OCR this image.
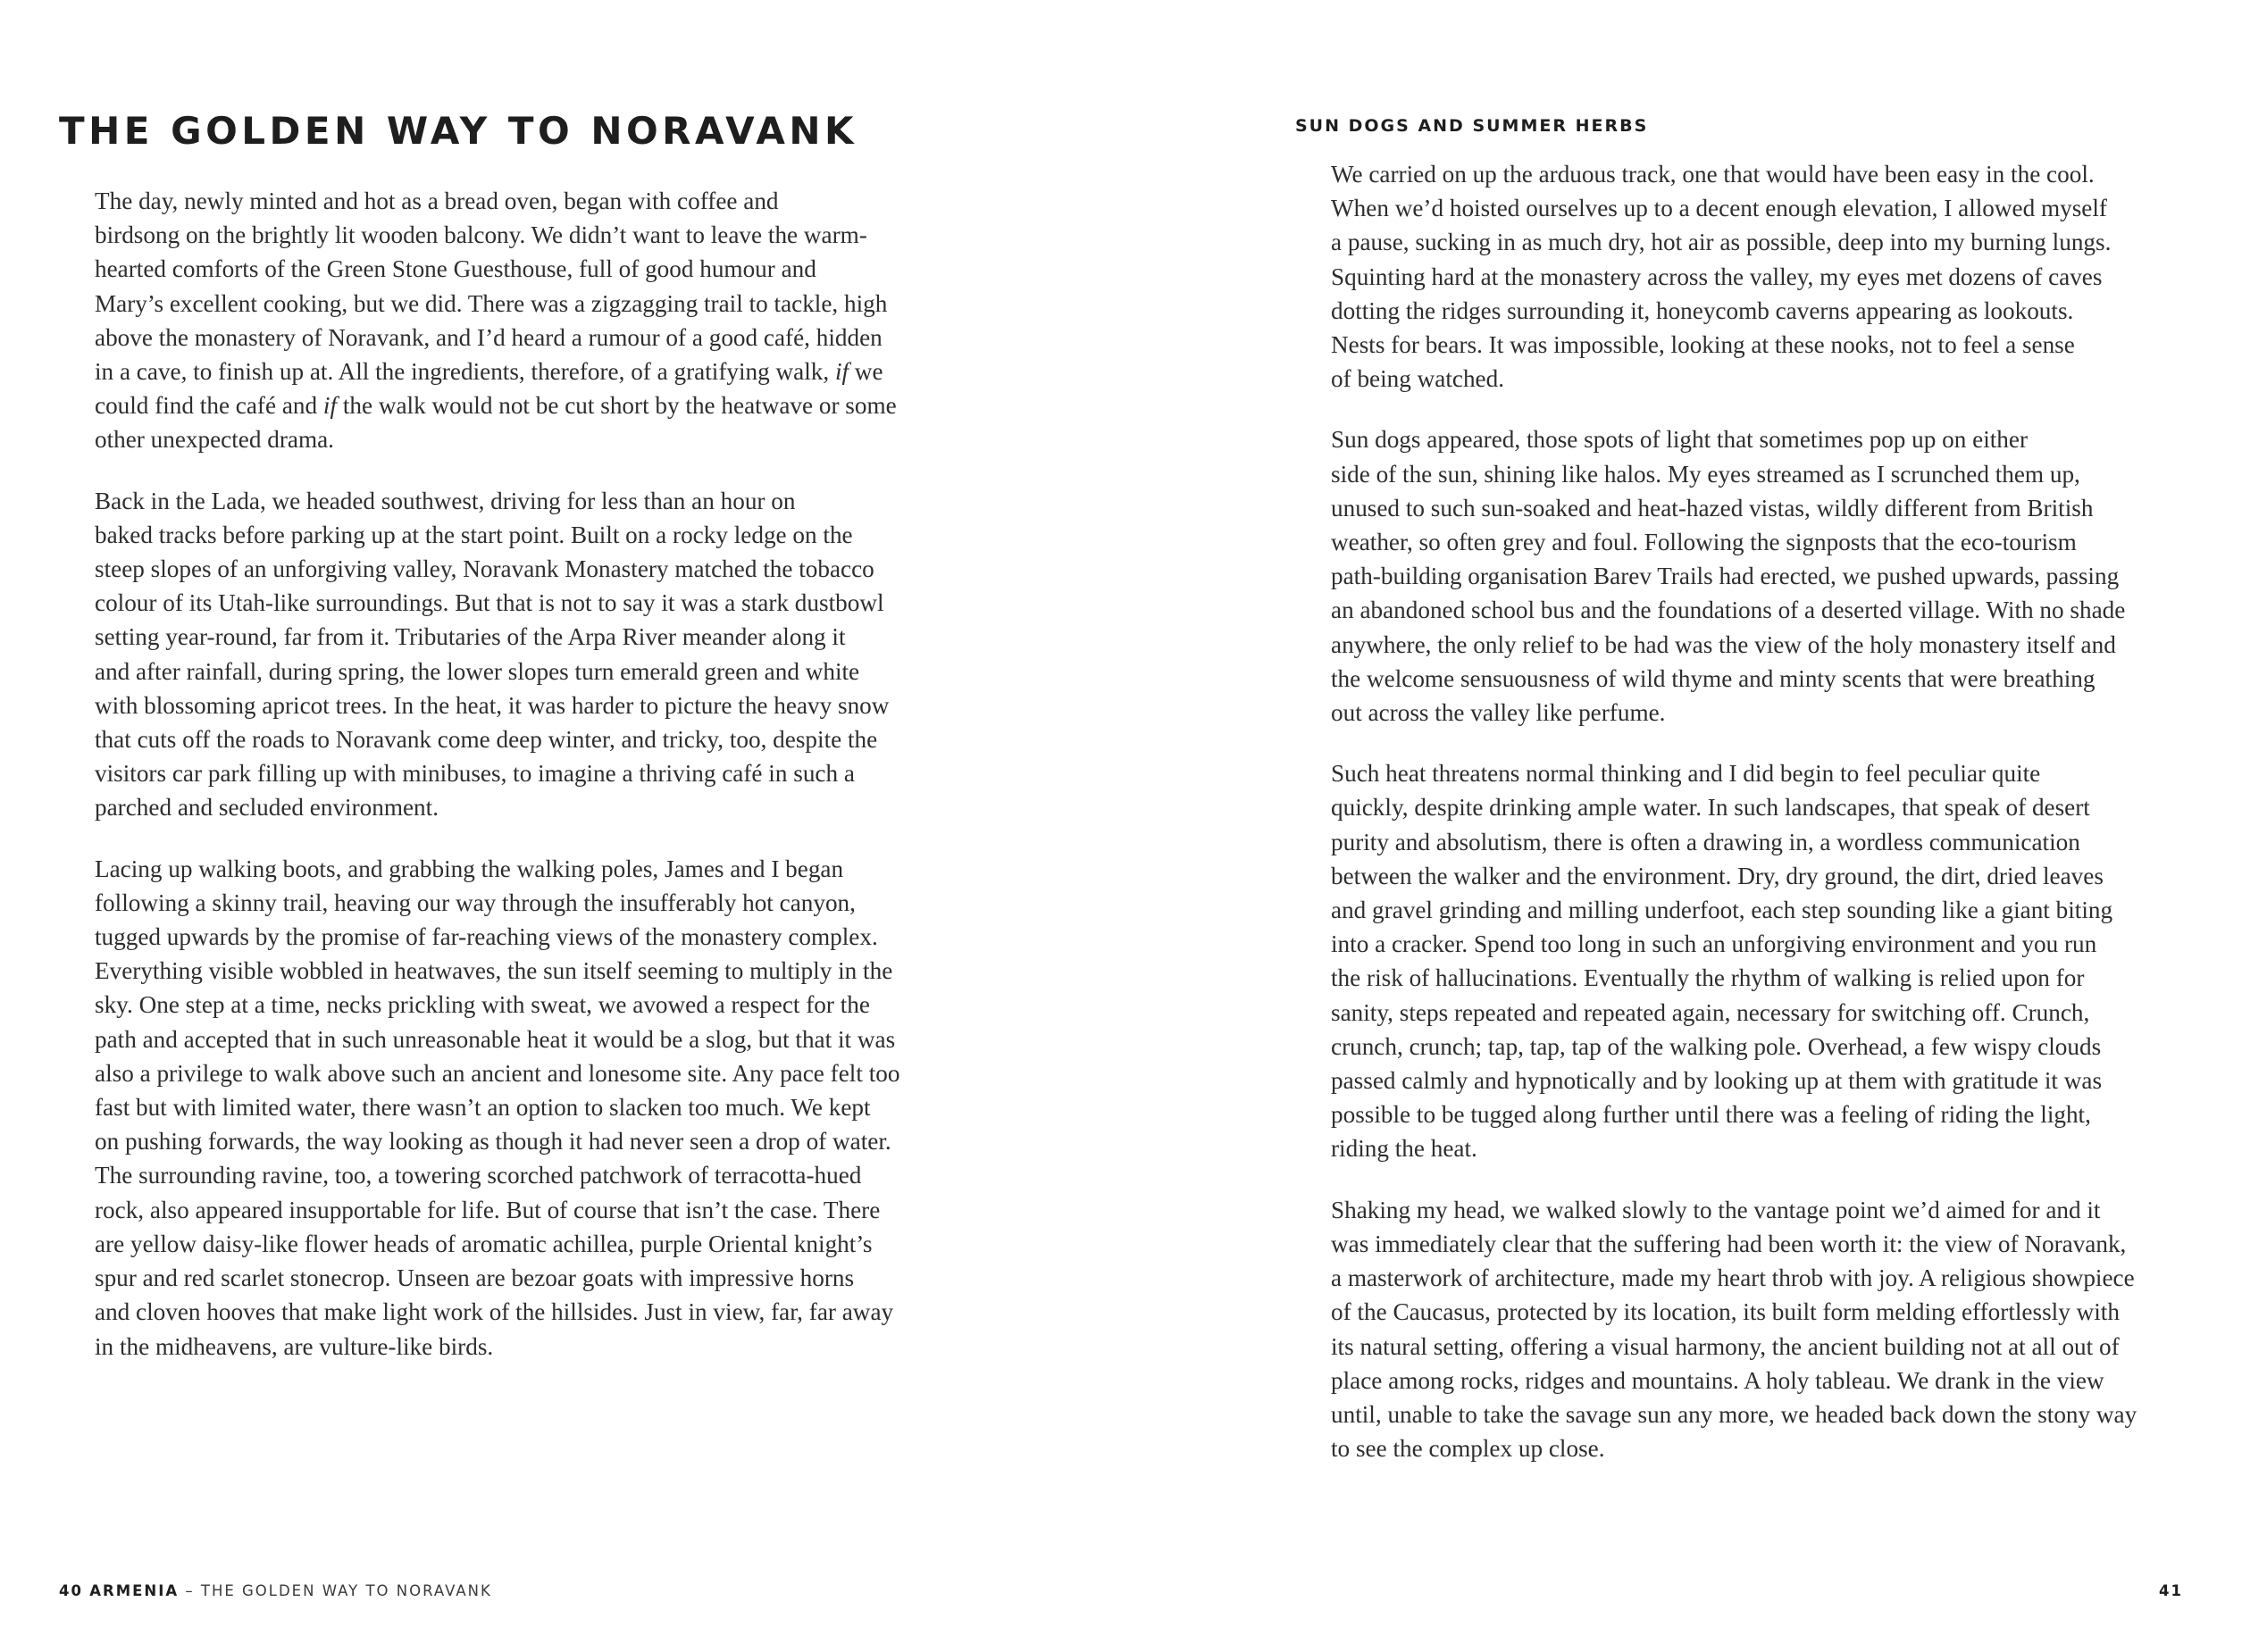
THE GOLDEN WAY TO NORAVANK

The day, newly minted and hot as a bread oven, began with coffee and
birdsong on the brightly lit wooden balcony. We didn’t want to leave the warm-
hearted comforts of the Green Stone Guesthouse, full of good humour and
Mary’s excellent cooking, but we did. There was a zigzagging trail to tackle, high
above the monastery of Noravank, and I’d heard a rumour of a good café, hidden
in a cave, to finish up at. All the ingredients, therefore, of a gratifying walk, if we
could find the café and if the walk would not be cut short by the heatwave or some
other unexpected drama.

Back in the Lada, we headed southwest, driving for less than an hour on
baked tracks before parking up at the start point. Built on a rocky ledge on the
steep slopes of an unforgiving valley, Noravank Monastery matched the tobacco
colour of its Utah-like surroundings. But that is not to say it was a stark dustbowl
setting year-round, far from it. Tributaries of the Arpa River meander along it
and after rainfall, during spring, the lower slopes turn emerald green and white
with blossoming apricot trees. In the heat, it was harder to picture the heavy snow
that cuts off the roads to Noravank come deep winter, and tricky, too, despite the
visitors car park filling up with minibuses, to imagine a thriving café in such a
parched and secluded environment.

Lacing up walking boots, and grabbing the walking poles, James and I began
following a skinny trail, heaving our way through the insufferably hot canyon,
tugged upwards by the promise of far-reaching views of the monastery complex.
Everything visible wobbled in heatwaves, the sun itself seeming to multiply in the
sky. One step at a time, necks prickling with sweat, we avowed a respect for the
path and accepted that in such unreasonable heat it would be a slog, but that it was
also a privilege to walk above such an ancient and lonesome site. Any pace felt too
fast but with limited water, there wasn’t an option to slacken too much. We kept
on pushing forwards, the way looking as though it had never seen a drop of water.
The surrounding ravine, too, a towering scorched patchwork of terracotta-hued
rock, also appeared insupportable for life. But of course that isn’t the case. There
are yellow daisy-like flower heads of aromatic achillea, purple Oriental knight’s
spur and red scarlet stonecrop. Unseen are bezoar goats with impressive horns
and cloven hooves that make light work of the hillsides. Just in view, far, far away
in the midheavens, are vulture-like birds.

40 ARMENIA – THE GOLDEN WAY TO NORAVANK
SUN DOGS AND SUMMER HERBS

We carried on up the arduous track, one that would have been easy in the cool.
When we’d hoisted ourselves up to a decent enough elevation, I allowed myself
a pause, sucking in as much dry, hot air as possible, deep into my burning lungs.
Squinting hard at the monastery across the valley, my eyes met dozens of caves
dotting the ridges surrounding it, honeycomb caverns appearing as lookouts.
Nests for bears. It was impossible, looking at these nooks, not to feel a sense
of being watched.

Sun dogs appeared, those spots of light that sometimes pop up on either
side of the sun, shining like halos. My eyes streamed as I scrunched them up,
unused to such sun-soaked and heat-hazed vistas, wildly different from British
weather, so often grey and foul. Following the signposts that the eco-tourism
path-building organisation Barev Trails had erected, we pushed upwards, passing
an abandoned school bus and the foundations of a deserted village. With no shade
anywhere, the only relief to be had was the view of the holy monastery itself and
the welcome sensuousness of wild thyme and minty scents that were breathing
out across the valley like perfume.

Such heat threatens normal thinking and I did begin to feel peculiar quite
quickly, despite drinking ample water. In such landscapes, that speak of desert
purity and absolutism, there is often a drawing in, a wordless communication
between the walker and the environment. Dry, dry ground, the dirt, dried leaves
and gravel grinding and milling underfoot, each step sounding like a giant biting
into a cracker. Spend too long in such an unforgiving environment and you run
the risk of hallucinations. Eventually the rhythm of walking is relied upon for
sanity, steps repeated and repeated again, necessary for switching off. Crunch,
crunch, crunch; tap, tap, tap of the walking pole. Overhead, a few wispy clouds
passed calmly and hypnotically and by looking up at them with gratitude it was
possible to be tugged along further until there was a feeling of riding the light,
riding the heat.

Shaking my head, we walked slowly to the vantage point we’d aimed for and it
was immediately clear that the suffering had been worth it: the view of Noravank,
a masterwork of architecture, made my heart throb with joy. A religious showpiece
of the Caucasus, protected by its location, its built form melding effortlessly with
its natural setting, offering a visual harmony, the ancient building not at all out of
place among rocks, ridges and mountains. A holy tableau. We drank in the view
until, unable to take the savage sun any more, we headed back down the stony way
to see the complex up close.

41
